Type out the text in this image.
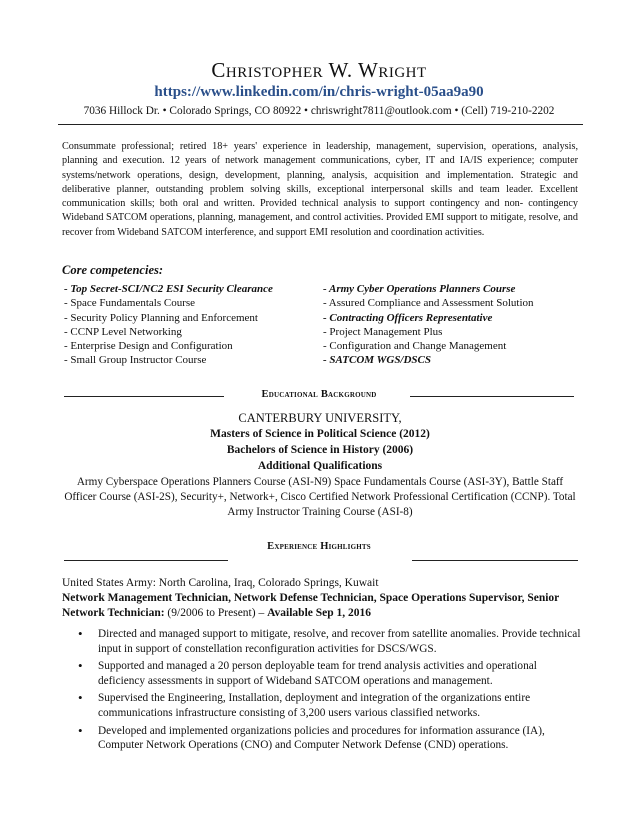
Christopher W. Wright
https://www.linkedin.com/in/chris-wright-05aa9a90
7036 Hillock Dr. • Colorado Springs, CO 80922 • chriswright7811@outlook.com • (Cell) 719-210-2202
Consummate professional; retired 18+ years' experience in leadership, management, supervision, operations, analysis, planning and execution. 12 years of network management communications, cyber, IT and IA/IS experience; computer systems/network operations, design, development, planning, analysis, acquisition and implementation. Strategic and deliberative planner, outstanding problem solving skills, exceptional interpersonal skills and team leader. Excellent communication skills; both oral and written. Provided technical analysis to support contingency and non- contingency Wideband SATCOM operations, planning, management, and control activities. Provided EMI support to mitigate, resolve, and recover from Wideband SATCOM interference, and support EMI resolution and coordination activities.
Core competencies:
- Top Secret-SCI/NC2 ESI Security Clearance
- Space Fundamentals Course
- Security Policy Planning and Enforcement
- CCNP Level Networking
- Enterprise Design and Configuration
- Small Group Instructor Course
- Army Cyber Operations Planners Course
- Assured Compliance and Assessment Solution
- Contracting Officers Representative
- Project Management Plus
- Configuration and Change Management
- SATCOM WGS/DSCS
Educational Background
CANTERBURY UNIVERSITY,
Masters of Science in Political Science (2012)
Bachelors of Science in History (2006)
Additional Qualifications
Army Cyberspace Operations Planners Course (ASI-N9) Space Fundamentals Course (ASI-3Y), Battle Staff Officer Course (ASI-2S), Security+, Network+, Cisco Certified Network Professional Certification (CCNP). Total Army Instructor Training Course (ASI-8)
Experience Highlights
United States Army: North Carolina, Iraq, Colorado Springs, Kuwait
Network Management Technician, Network Defense Technician, Space Operations Supervisor, Senior Network Technician: (9/2006 to Present) – Available Sep 1, 2016
• Directed and managed support to mitigate, resolve, and recover from satellite anomalies. Provide technical input in support of constellation reconfiguration activities for DSCS/WGS.
• Supported and managed a 20 person deployable team for trend analysis activities and operational deficiency assessments in support of Wideband SATCOM operations and management.
• Supervised the Engineering, Installation, deployment and integration of the organizations entire communications infrastructure consisting of 3,200 users various classified networks.
• Developed and implemented organizations policies and procedures for information assurance (IA), Computer Network Operations (CNO) and Computer Network Defense (CND) operations.
